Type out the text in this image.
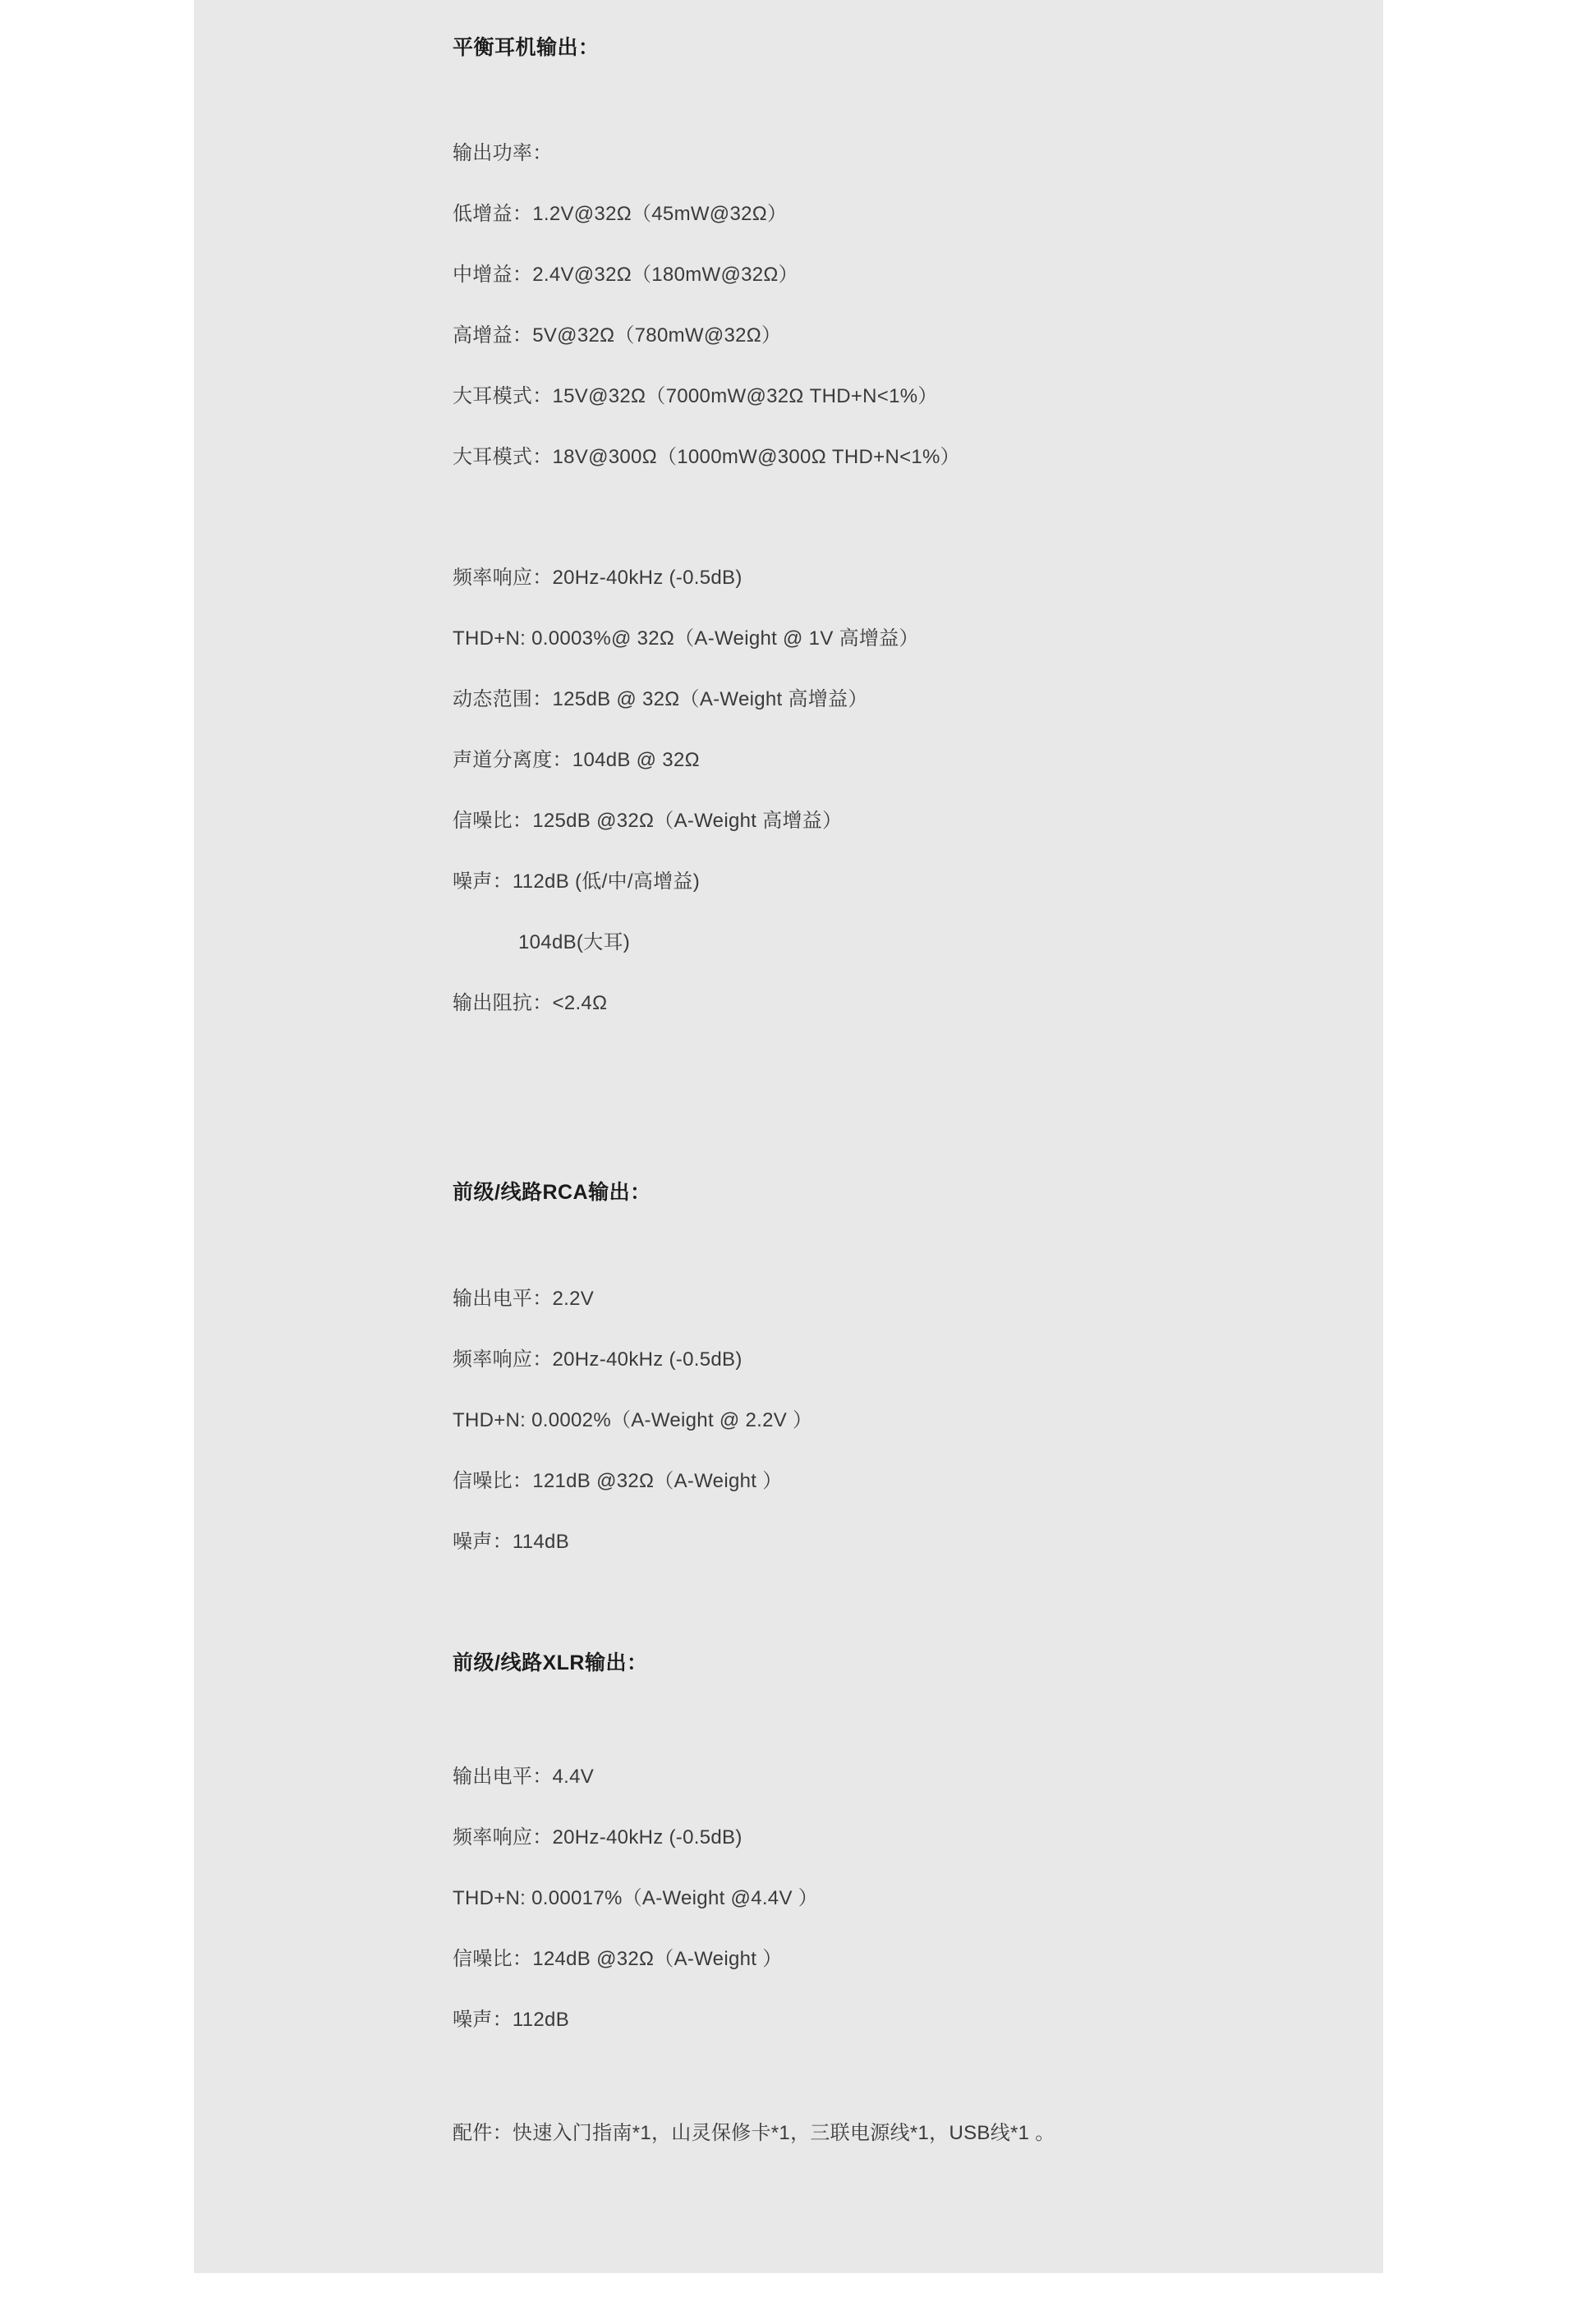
平衡耳机输出：
输出功率：
低增益：1.2V@32Ω（45mW@32Ω）
中增益：2.4V@32Ω（180mW@32Ω）
高增益：5V@32Ω（780mW@32Ω）
大耳模式：15V@32Ω（7000mW@32Ω THD+N<1%）
大耳模式：18V@300Ω（1000mW@300Ω THD+N<1%）
频率响应：20Hz-40kHz (-0.5dB)
THD+N: 0.0003%@ 32Ω（A-Weight @ 1V 高增益）
动态范围：125dB @ 32Ω（A-Weight 高增益）
声道分离度：104dB @ 32Ω
信噪比：125dB @32Ω（A-Weight 高增益）
噪声：112dB (低/中/高增益)
104dB(大耳)
输出阻抗：<2.4Ω
前级/线路RCA输出：
输出电平：2.2V
频率响应：20Hz-40kHz (-0.5dB)
THD+N: 0.0002%（A-Weight @ 2.2V ）
信噪比：121dB @32Ω（A-Weight ）
噪声：114dB
前级/线路XLR输出：
输出电平：4.4V
频率响应：20Hz-40kHz (-0.5dB)
THD+N: 0.00017%（A-Weight @4.4V ）
信噪比：124dB @32Ω（A-Weight ）
噪声：112dB
配件：快速入门指南*1，山灵保修卡*1，三联电源线*1，USB线*1 。
